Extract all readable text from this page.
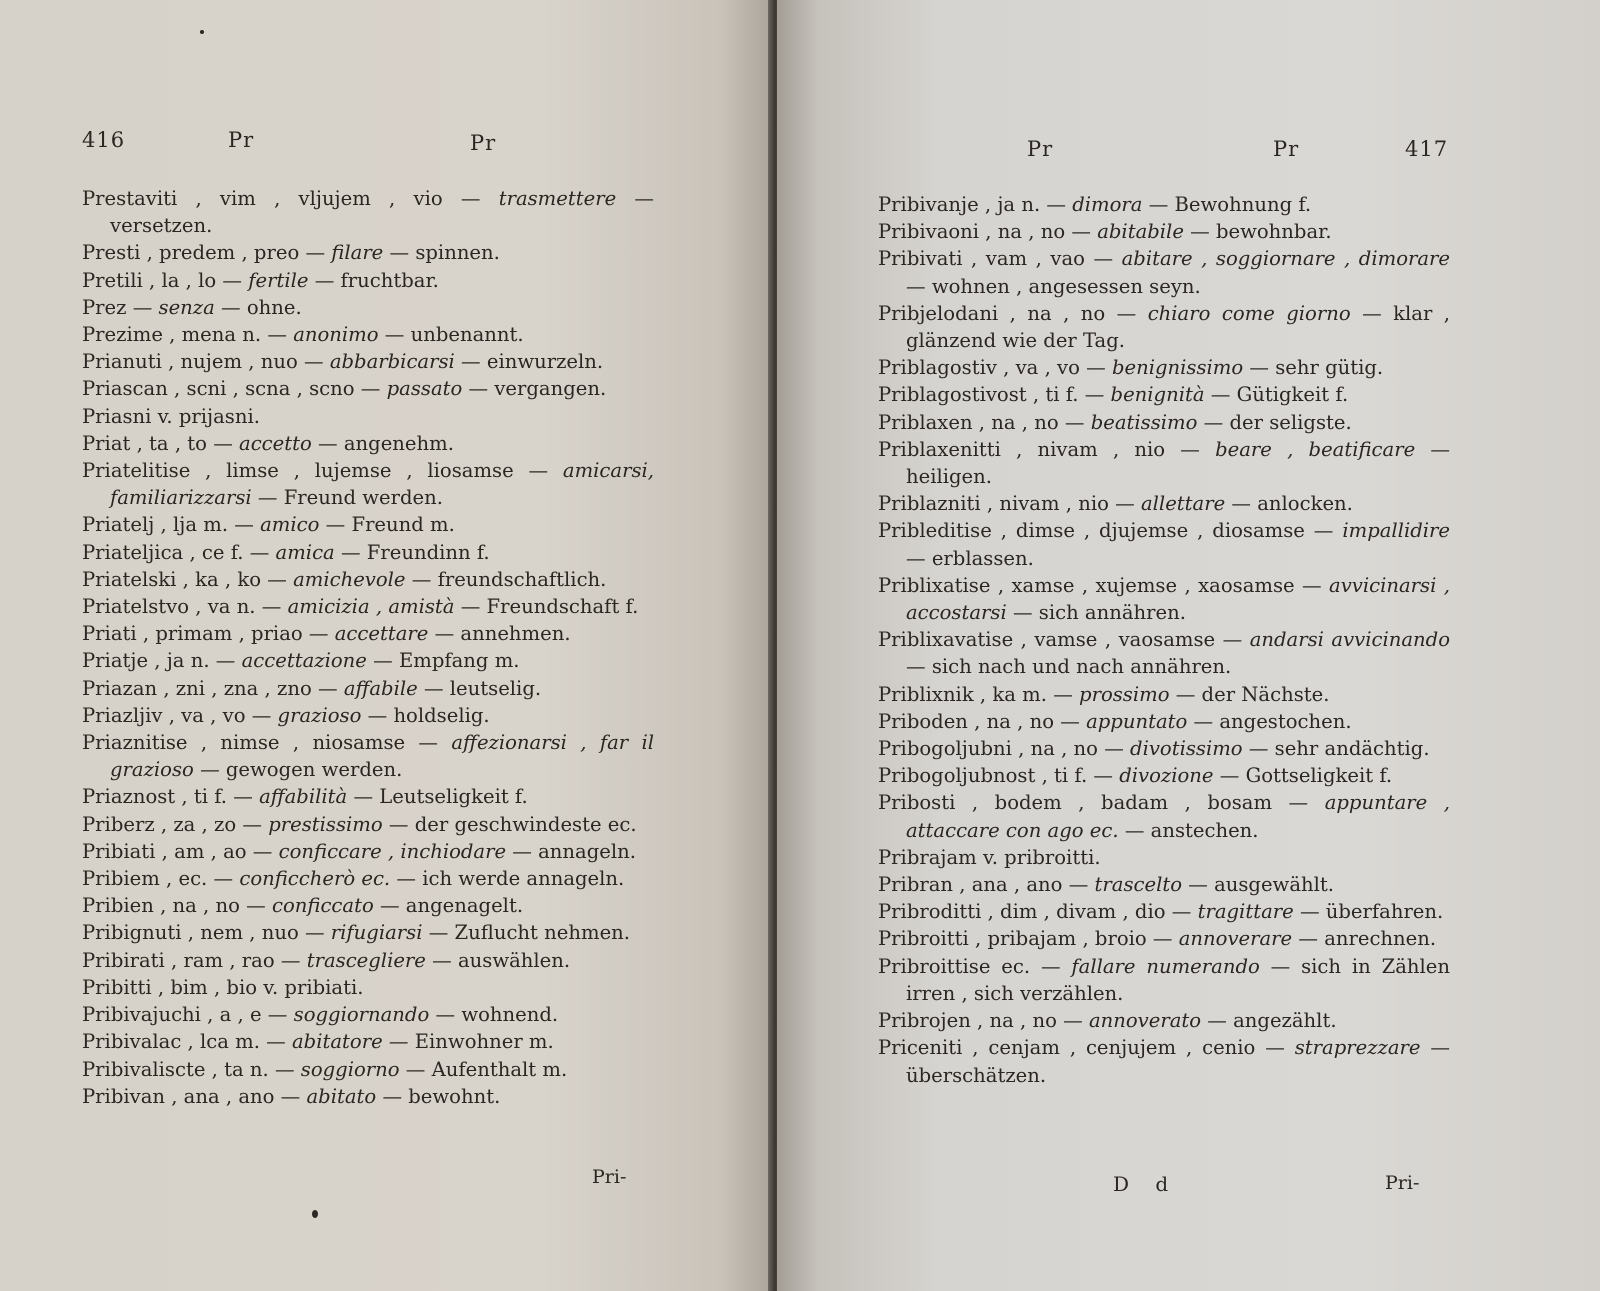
416	Pr	Pr

Prestaviti , vim , vljujem , vio — trasmettere — versetzen.

Presti , predem , preo — filare — spinnen.

Pretili , la , lo — fertile — fruchtbar.

Prez — senza — ohne.

Prezime , mena n. — anonimo — unbenannt.

Prianuti , nujem , nuo — abbarbicarsi — einwurzeln.

Priascan , scni , scna , scno — passato — vergangen.

Priasni v. prijasni.

Priat , ta , to — accetto — angenehm.

Priatelitise , limse , lujemse , liosamse — amicarsi, familiarizzarsi — Freund werden.

Priatelj , lja m. — amico — Freund m.

Priateljica , ce f. — amica — Freundinn f.

Priatelski , ka , ko — amichevole — freundschaftlich.

Priatelstvo , va n. — amicizia , amistà — Freundschaft f.

Priati , primam , priao — accettare — annehmen.

Priatje , ja n. — accettazione — Empfang m.

Priazan , zni , zna , zno — affabile — leutselig.

Priazljiv , va , vo — grazioso — holdselig.

Priaznitise , nimse , niosamse — affezionarsi , far il grazioso — gewogen werden.

Priaznost , ti f. — affabilità — Leutseligkeit f.

Priberz , za , zo — prestissimo — der geschwindeste ec.

Pribiati , am , ao — conficcare , inchiodare — annageln.

Pribiem , ec. — conficcherò ec. — ich werde annageln.

Pribien , na , no — conficcato — angenagelt.

Pribignuti , nem , nuo — rifugiarsi — Zuflucht nehmen.

Pribirati , ram , rao — trascegliere — auswählen.

Pribitti , bim , bio v. pribiati.

Pribivajuchi , a , e — soggiornando — wohnend.

Pribivalac , lca m. — abitatore — Einwohner m.

Pribivaliscte , ta n. — soggiorno — Aufenthalt m.

Pribivan , ana , ano — abitato — bewohnt.

Pri-
Pr	Pr	417

Pribivanje , ja n. — dimora — Bewohnung f.

Pribivaoni , na , no — abitabile — bewohnbar.

Pribivati , vam , vao — abitare , soggiornare , dimorare — wohnen , angesessen seyn.

Pribjelodani , na , no — chiaro come giorno — klar , glänzend wie der Tag.

Priblagostiv , va , vo — benignissimo — sehr gütig.

Priblagostivost , ti f. — benignità — Gütigkeit f.

Priblaxen , na , no — beatissimo — der seligste.

Priblaxenitti , nivam , nio — beare , beatificare — heiligen.

Priblazniti , nivam , nio — allettare — anlocken.

Pribleditise , dimse , djujemse , diosamse — impallidire — erblassen.

Priblixatise , xamse , xujemse , xaosamse — avvicinarsi , accostarsi — sich annähren.

Priblixavatise , vamse , vaosamse — andarsi avvicinando — sich nach und nach annähren.

Priblixnik , ka m. — prossimo — der Nächste.

Priboden , na , no — appuntato — angestochen.

Pribogoljubni , na , no — divotissimo — sehr andächtig.

Pribogoljubnost , ti f. — divozione — Gottseligkeit f.

Pribosti , bodem , badam , bosam — appuntare , attaccare con ago ec. — anstechen.

Pribrajam v. pribroitti.

Pribran , ana , ano — trascelto — ausgewählt.

Pribroditti , dim , divam , dio — tragittare — überfahren.

Pribroitti , pribajam , broio — annoverare — anrechnen.

Pribroittise ec. — fallare numerando — sich in Zählen irren , sich verzählen.

Pribrojen , na , no — annoverato — angezählt.

Priceniti , cenjam , cenjujem , cenio — straprezzare — überschätzen.

D d	Pri-
